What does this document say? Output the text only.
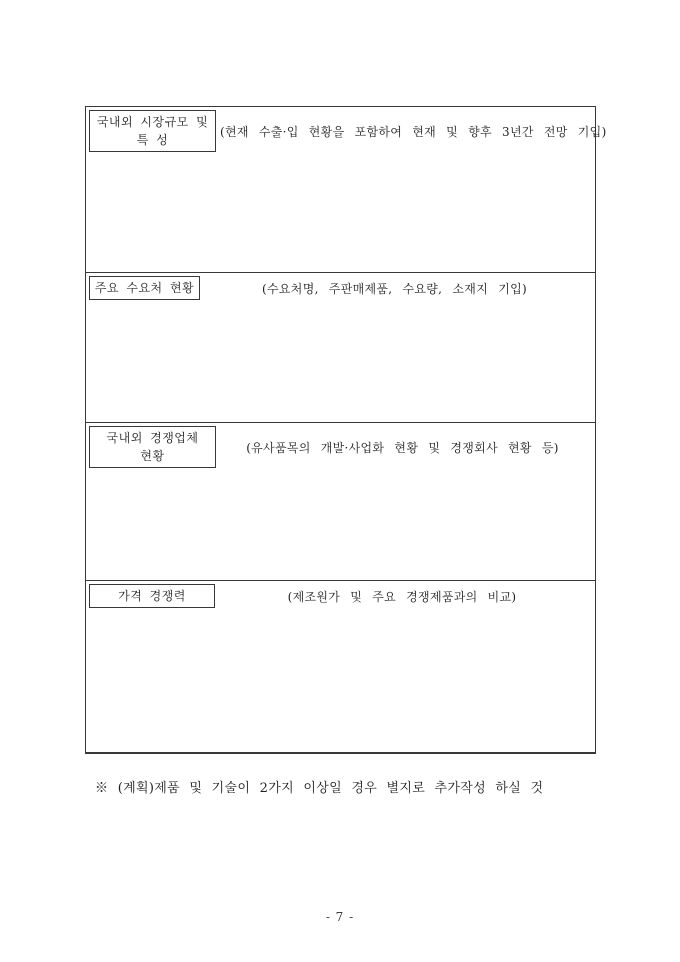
국내외 시장규모 및
특 성
(현재 수출·입 현황을 포함하여 현재 및 향후 3년간 전망 기입)
주요 수요처 현황	(수요처명, 주판매제품, 수요량, 소재지 기입)
국내외 경쟁업체
현황
(유사품목의 개발·사업화 현황 및 경쟁회사 현황 등)
가격 경쟁력	(제조원가 및 주요 경쟁제품과의 비교)
※ (계획)제품 및 기술이 2가지 이상일 경우 별지로 추가작성 하실 것
- 7 -
